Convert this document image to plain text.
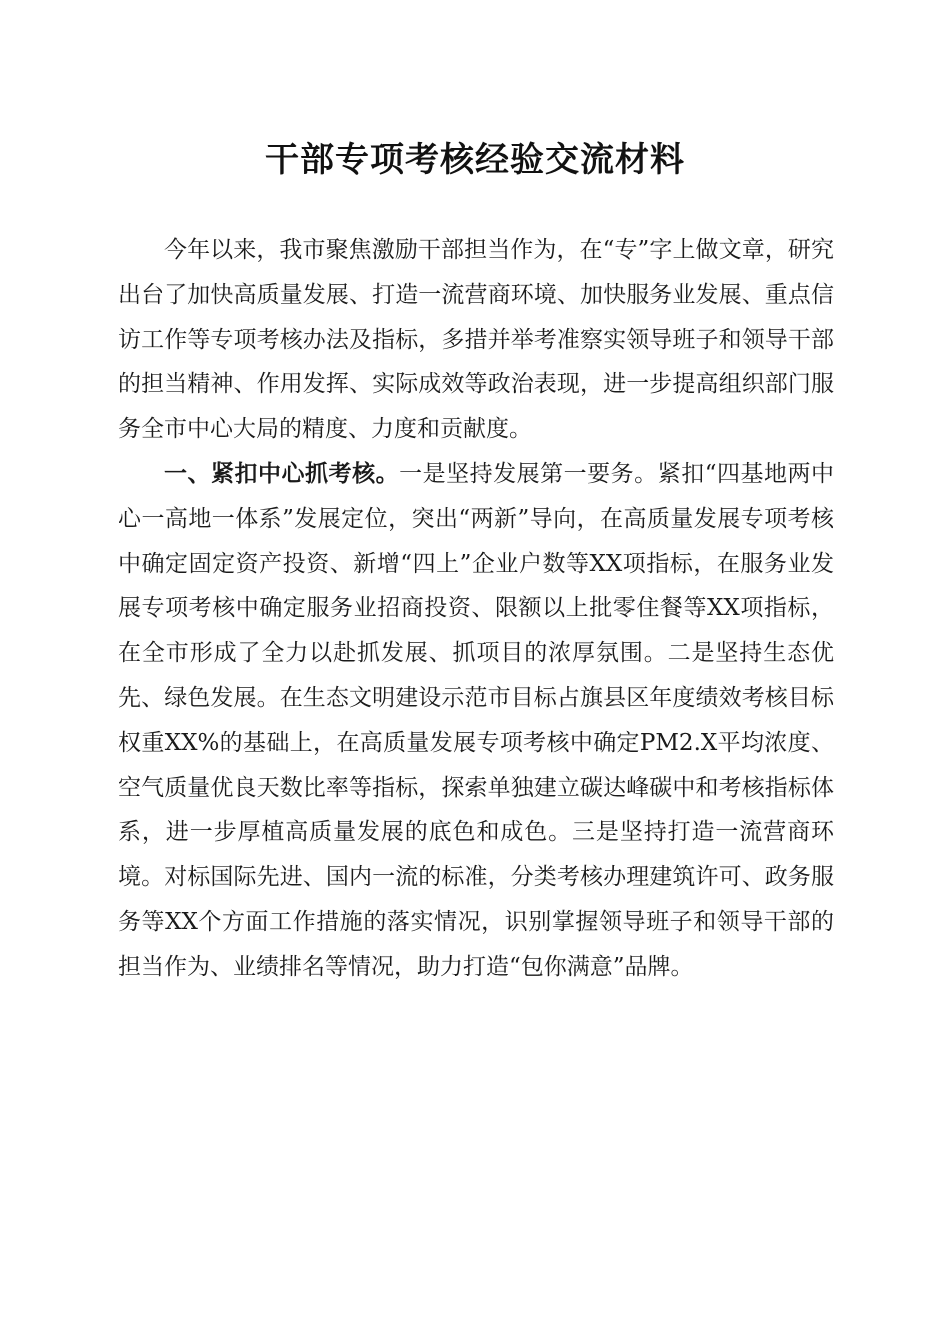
干部专项考核经验交流材料

今年以来，我市聚焦激励干部担当作为，在“专”字上做文章，研究出台了加快高质量发展、打造一流营商环境、加快服务业发展、重点信访工作等专项考核办法及指标，多措并举考准察实领导班子和领导干部的担当精神、作用发挥、实际成效等政治表现，进一步提高组织部门服务全市中心大局的精度、力度和贡献度。

一、紧扣中心抓考核。一是坚持发展第一要务。紧扣“四基地两中心一高地一体系”发展定位，突出“两新”导向，在高质量发展专项考核中确定固定资产投资、新增“四上”企业户数等XX项指标，在服务业发展专项考核中确定服务业招商投资、限额以上批零住餐等XX项指标，在全市形成了全力以赴抓发展、抓项目的浓厚氛围。二是坚持生态优先、绿色发展。在生态文明建设示范市目标占旗县区年度绩效考核目标权重XX%的基础上，在高质量发展专项考核中确定PM2.X平均浓度、空气质量优良天数比率等指标，探索单独建立碳达峰碳中和考核指标体系，进一步厚植高质量发展的底色和成色。三是坚持打造一流营商环境。对标国际先进、国内一流的标准，分类考核办理建筑许可、政务服务等XX个方面工作措施的落实情况，识别掌握领导班子和领导干部的担当作为、业绩排名等情况，助力打造“包你满意”品牌。
